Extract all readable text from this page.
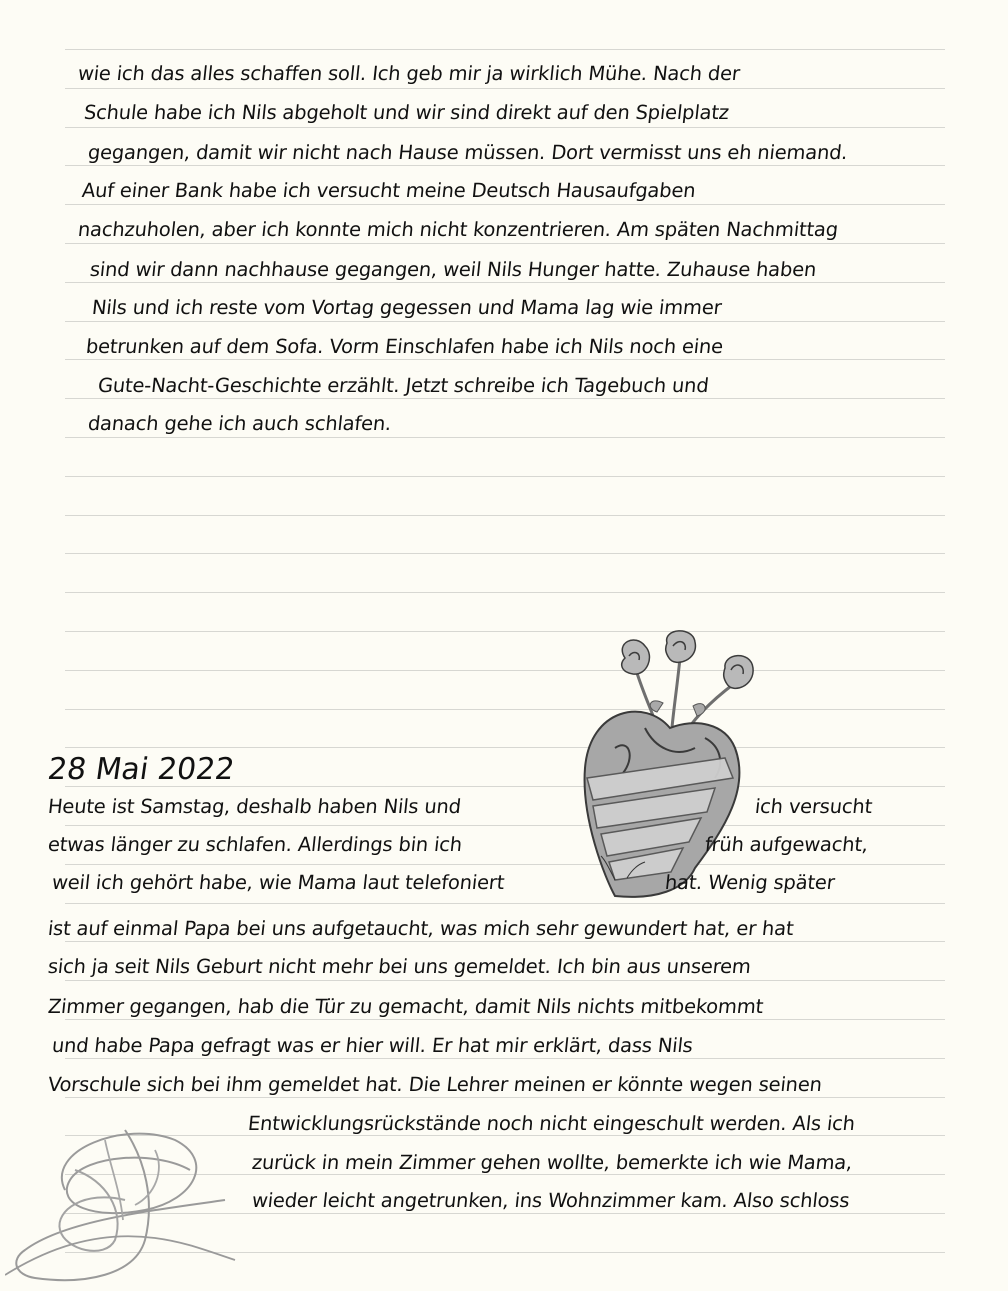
wie ich das alles schaffen soll. Ich geb mir ja wirklich Mühe. Nach der

Schule habe ich Nils abgeholt und wir sind direkt auf den Spielplatz

gegangen, damit wir nicht nach Hause müssen. Dort vermisst uns eh niemand.

Auf einer Bank habe ich versucht meine Deutsch Hausaufgaben

nachzuholen, aber ich konnte mich nicht konzentrieren. Am späten Nachmittag

sind wir dann nachhause gegangen, weil Nils Hunger hatte. Zuhause haben

Nils und ich reste vom Vortag gegessen und Mama lag wie immer

betrunken auf dem Sofa. Vorm Einschlafen habe ich Nils noch eine

Gute-Nacht-Geschichte erzählt. Jetzt schreibe ich Tagebuch und

danach gehe ich auch schlafen.

28 Mai 2022

Heute ist Samstag, deshalb haben Nils und	ich versucht

etwas länger zu schlafen. Allerdings bin ich	früh aufgewacht,

weil ich gehört habe, wie Mama laut telefoniert	hat. Wenig später

ist auf einmal Papa bei uns aufgetaucht, was mich sehr gewundert hat, er hat

sich ja seit Nils Geburt nicht mehr bei uns gemeldet. Ich bin aus unserem

Zimmer gegangen, hab die Tür zu gemacht, damit Nils nichts mitbekommt

und habe Papa gefragt was er hier will. Er hat mir erklärt, dass Nils

Vorschule sich bei ihm gemeldet hat. Die Lehrer meinen er könnte wegen seinen

Entwicklungsrückstände noch nicht eingeschult werden. Als ich

zurück in mein Zimmer gehen wollte, bemerkte ich wie Mama,

wieder leicht angetrunken, ins Wohnzimmer kam. Also schloss
